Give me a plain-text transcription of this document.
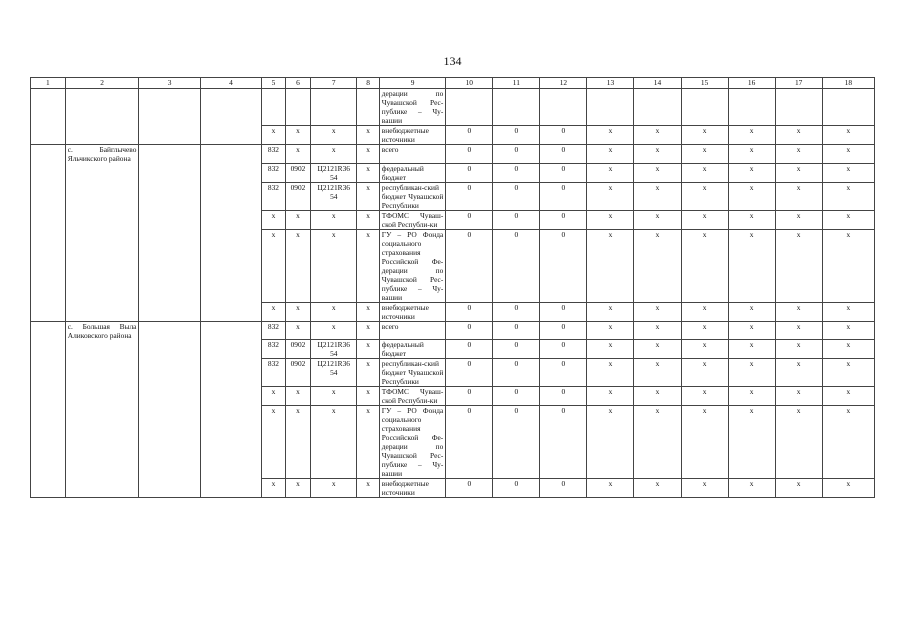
134
1	2	3	4	5	6	7	8	9	10	11	12	13	14	15	16	17	18
								дерации по Чувашской Рес-публике – Чу-вашии									
				x	x	x	x	внебюджетные источники	0	0	0	x	x	x	x	x	x
	с. Байглычево Яльчикского района			832	x	x	x	всего	0	0	0	x	x	x	x	x	x
				832	0902	Ц2121R36 54	x	федеральный бюджет	0	0	0	x	x	x	x	x	x
				832	0902	Ц2121R36 54	x	республикан-ский бюджет Чувашской Республики	0	0	0	x	x	x	x	x	x
				x	x	x	x	ТФОМС Чуваш-ской Республи-ки	0	0	0	x	x	x	x	x	x
				x	x	x	x	ГУ – РО Фонда социального страхования Российской Фе-дерации по Чувашской Рес-публике – Чу-вашии	0	0	0	x	x	x	x	x	x
				x	x	x	x	внебюджетные источники	0	0	0	x	x	x	x	x	x
	с. Большая Выла Аликовского района			832	x	x	x	всего	0	0	0	x	x	x	x	x	x
				832	0902	Ц2121R36 54	x	федеральный бюджет	0	0	0	x	x	x	x	x	x
				832	0902	Ц2121R36 54	x	республикан-ский бюджет Чувашской Республики	0	0	0	x	x	x	x	x	x
				x	x	x	x	ТФОМС Чуваш-ской Республи-ки	0	0	0	x	x	x	x	x	x
				x	x	x	x	ГУ – РО Фонда социального страхования Российской Фе-дерации по Чувашской Рес-публике – Чу-вашии	0	0	0	x	x	x	x	x	x
				x	x	x	x	внебюджетные источники	0	0	0	x	x	x	x	x	x
